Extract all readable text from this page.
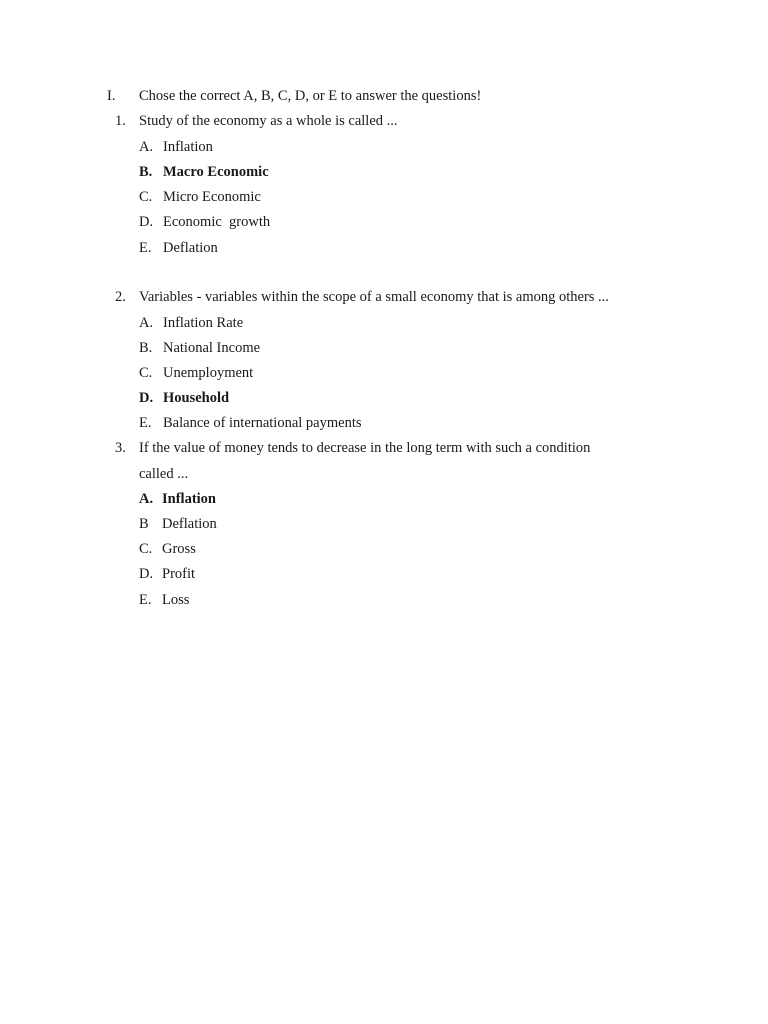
I. Chose the correct A, B, C, D, or E to answer the questions!
1. Study of the economy as a whole is called ...
A. Inflation
B. Macro Economic
C. Micro Economic
D. Economic  growth
E. Deflation
2. Variables - variables within the scope of a small economy that is among others ...
A. Inflation Rate
B. National Income
C. Unemployment
D. Household
E. Balance of international payments
3. If the value of money tends to decrease in the long term with such a condition
called ...
A. Inflation
B Deflation
C. Gross
D. Profit
E. Loss
